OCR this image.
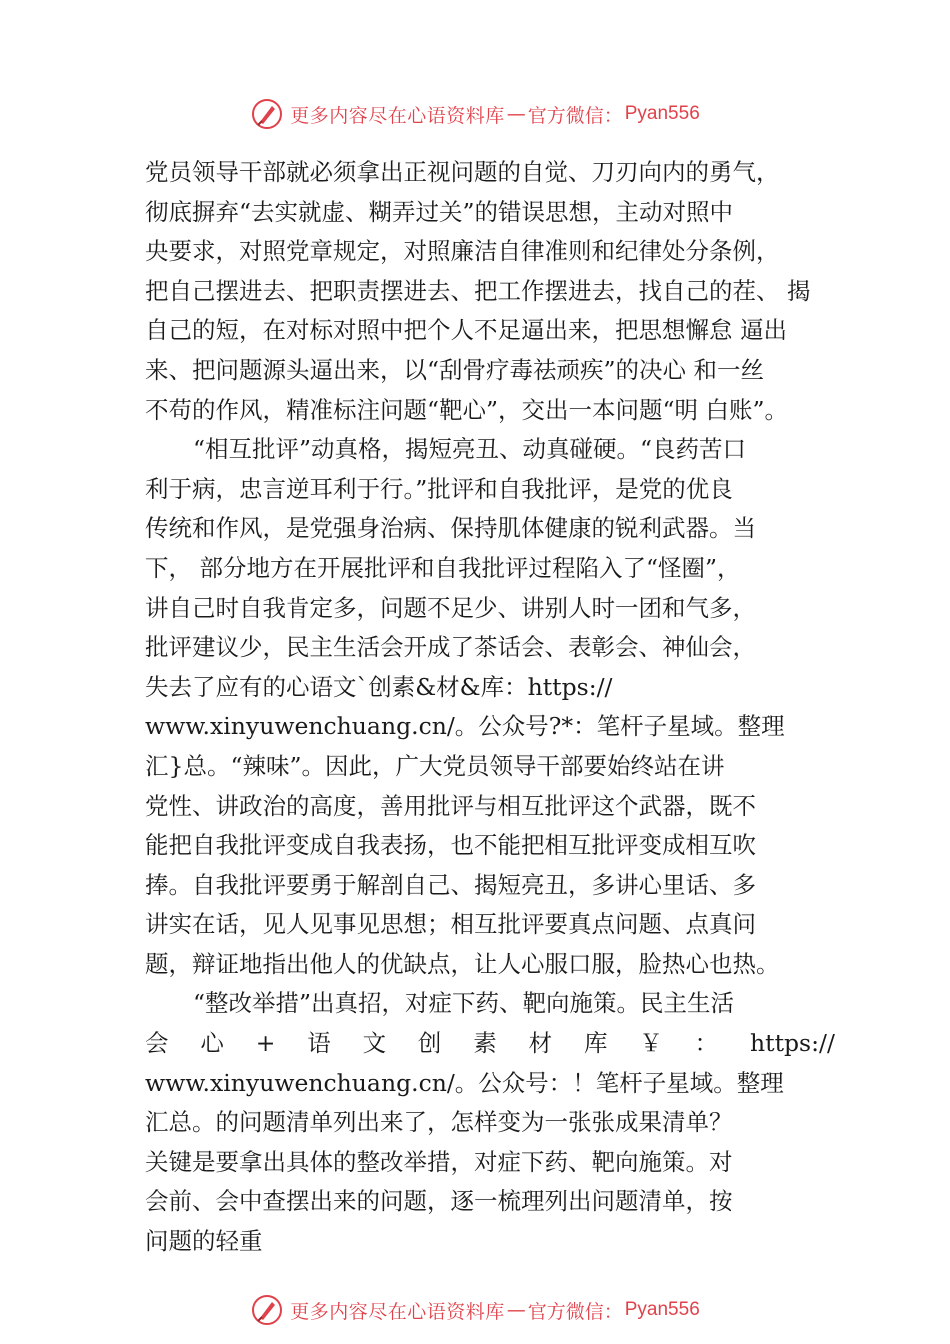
更多内容尽在心语资料库 — 官方微信： Pyan556
党员领导干部就必须拿出正视问题的自觉、刀刃向内的勇气，
彻底摒弃“去实就虚、糊弄过关”的错误思想，主动对照中
央要求，对照党章规定，对照廉洁自律准则和纪律处分条例，
把自己摆进去、把职责摆进去、把工作摆进去，找自己的茬、 揭
自己的短，在对标对照中把个人不足逼出来，把思想懈怠 逼出
来、把问题源头逼出来，以“刮骨疗毒祛顽疾”的决心 和一丝
不苟的作风，精准标注问题“靶心”，交出一本问题“明 白账”。
“相互批评”动真格，揭短亮丑、动真碰硬。“良药苦口
利于病，忠言逆耳利于行。”批评和自我批评，是党的优良
传统和作风，是党强身治病、保持肌体健康的锐利武器。当
下， 部分地方在开展批评和自我批评过程陷入了“怪圈”，
讲自己时自我肯定多，问题不足少、讲别人时一团和气多，
批评建议少，民主生活会开成了茶话会、表彰会、神仙会，
失去了应有的心语文`创素&材&库：https://
www.xinyuwenchuang.cn/。公众号?*：笔杆子星域。整理
汇}总。“辣味”。因此，广大党员领导干部要始终站在讲
党性、讲政治的高度，善用批评与相互批评这个武器，既不
能把自我批评变成自我表扬，也不能把相互批评变成相互吹
捧。自我批评要勇于解剖自己、揭短亮丑，多讲心里话、多
讲实在话，见人见事见思想；相互批评要真点问题、点真问
题，辩证地指出他人的优缺点，让人心服口服，脸热心也热。
“整改举措”出真招，对症下药、靶向施策。民主生活
会 心 + 语 文 创 素 材 库 ￥ ： https://
www.xinyuwenchuang.cn/。公众号：！笔杆子星域。整理
汇总。的问题清单列出来了，怎样变为一张张成果清单？
关键是要拿出具体的整改举措，对症下药、靶向施策。对
会前、会中查摆出来的问题，逐一梳理列出问题清单，按
问题的轻重
更多内容尽在心语资料库 — 官方微信： Pyan556
